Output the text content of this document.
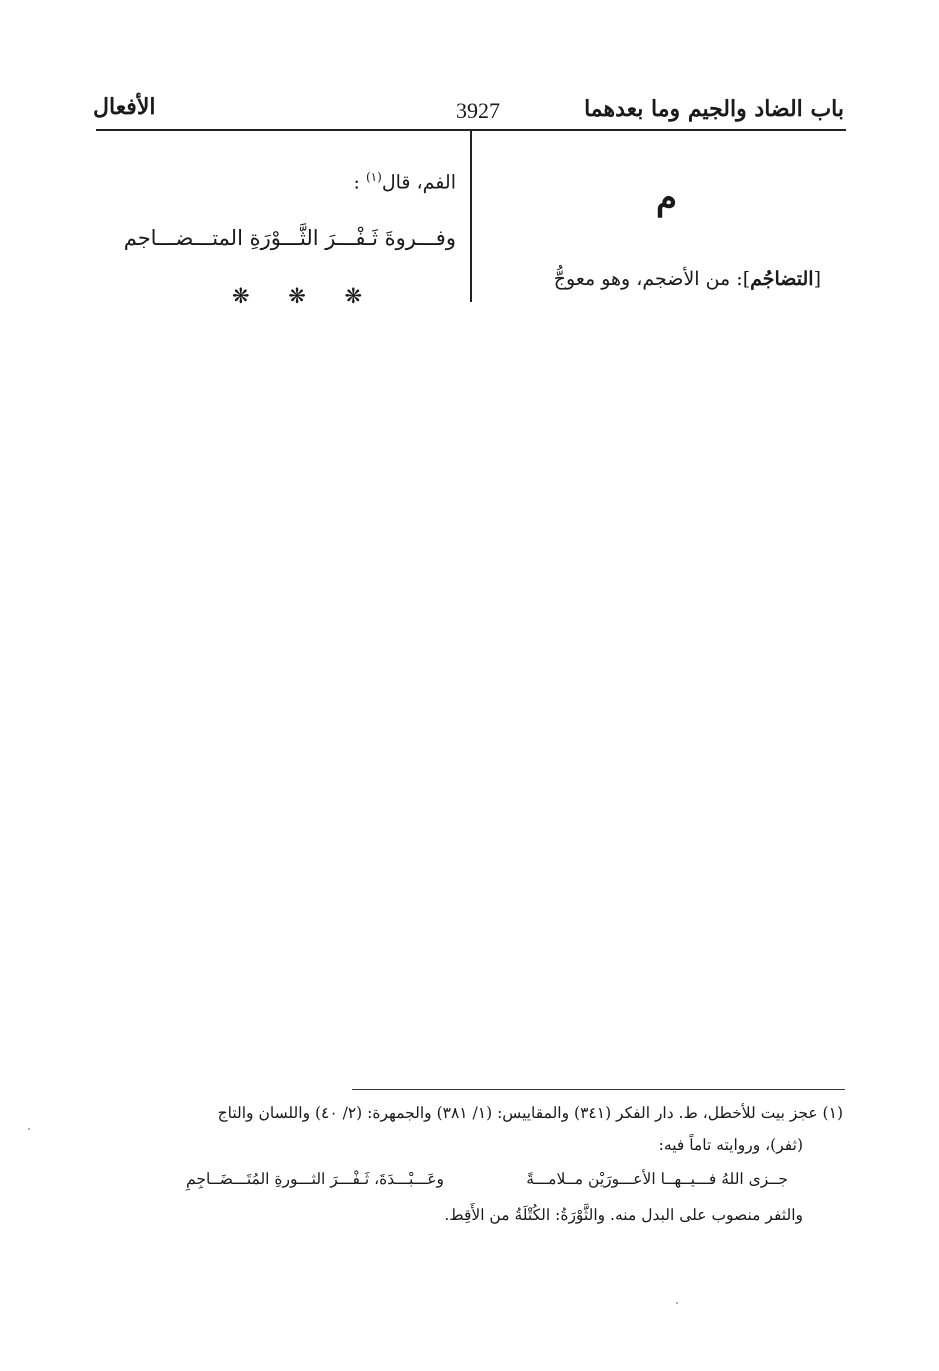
باب الضاد والجيم وما بعدهما
3927
الأفعال
م
[التضاجُم]: من الأضجم، وهو معوجُّ
الفم، قال$^{(١)}$ :
وفـــروةَ ثَـفْـــرَ الثَّـــوْرَةِ المتـــضـــاجم
❋ ❋ ❋
(١) عجز بيت للأخطل، ط. دار الفكر (٣٤١) والمقاييس: (١/ ٣٨١) والجمهرة: (٢/ ٤٠) واللسان والتاج
(ثفر)، وروايته تاماً فيه:
جــزى اللهُ فـــيــهــا الأعـــورَيْن مــلامـــةً
وعَـــبْـــدَةَ، ثَـفْـــرَ الثـــورةِ المُتَـــضَــاجِمِ
والثفر منصوب على البدل منه. والثَّوْرَةُ: الكُتْلَةُ من الأَقِط.
